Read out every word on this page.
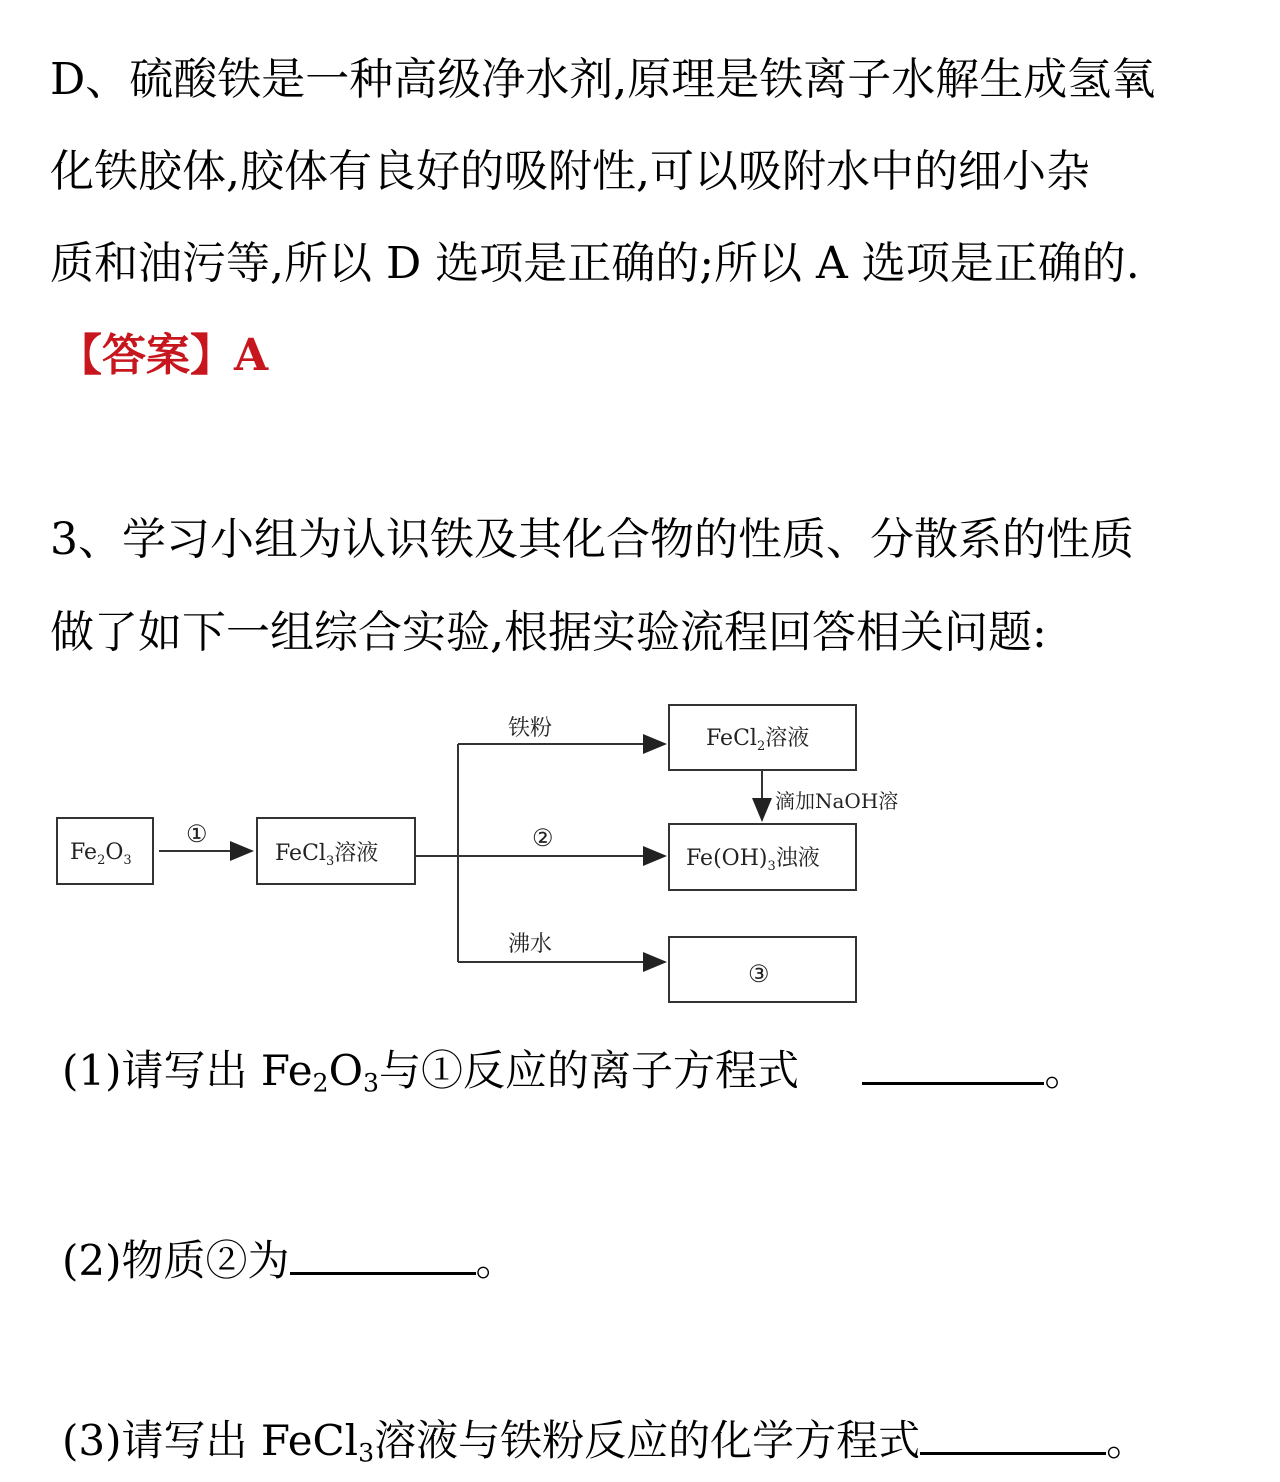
D、硫酸铁是一种高级净水剂,原理是铁离子水解生成氢氧
化铁胶体,胶体有良好的吸附性,可以吸附水中的细小杂
质和油污等,所以 D 选项是正确的;所以 A 选项是正确的.
【答案】A
3、学习小组为认识铁及其化合物的性质、分散系的性质
做了如下一组综合实验,根据实验流程回答相关问题:
$Fe_2O_3$
①
FeCl$_3$溶液
铁粉
②
沸水
FeCl$_2$溶液
滴加NaOH溶
$Fe(OH)_3$浊液
③
(1)请写出 $Fe_2O_3$与①反应的离子方程式	。
(2)物质②为	。
(3)请写出 FeCl$_3$溶液与铁粉反应的化学方程式	。
